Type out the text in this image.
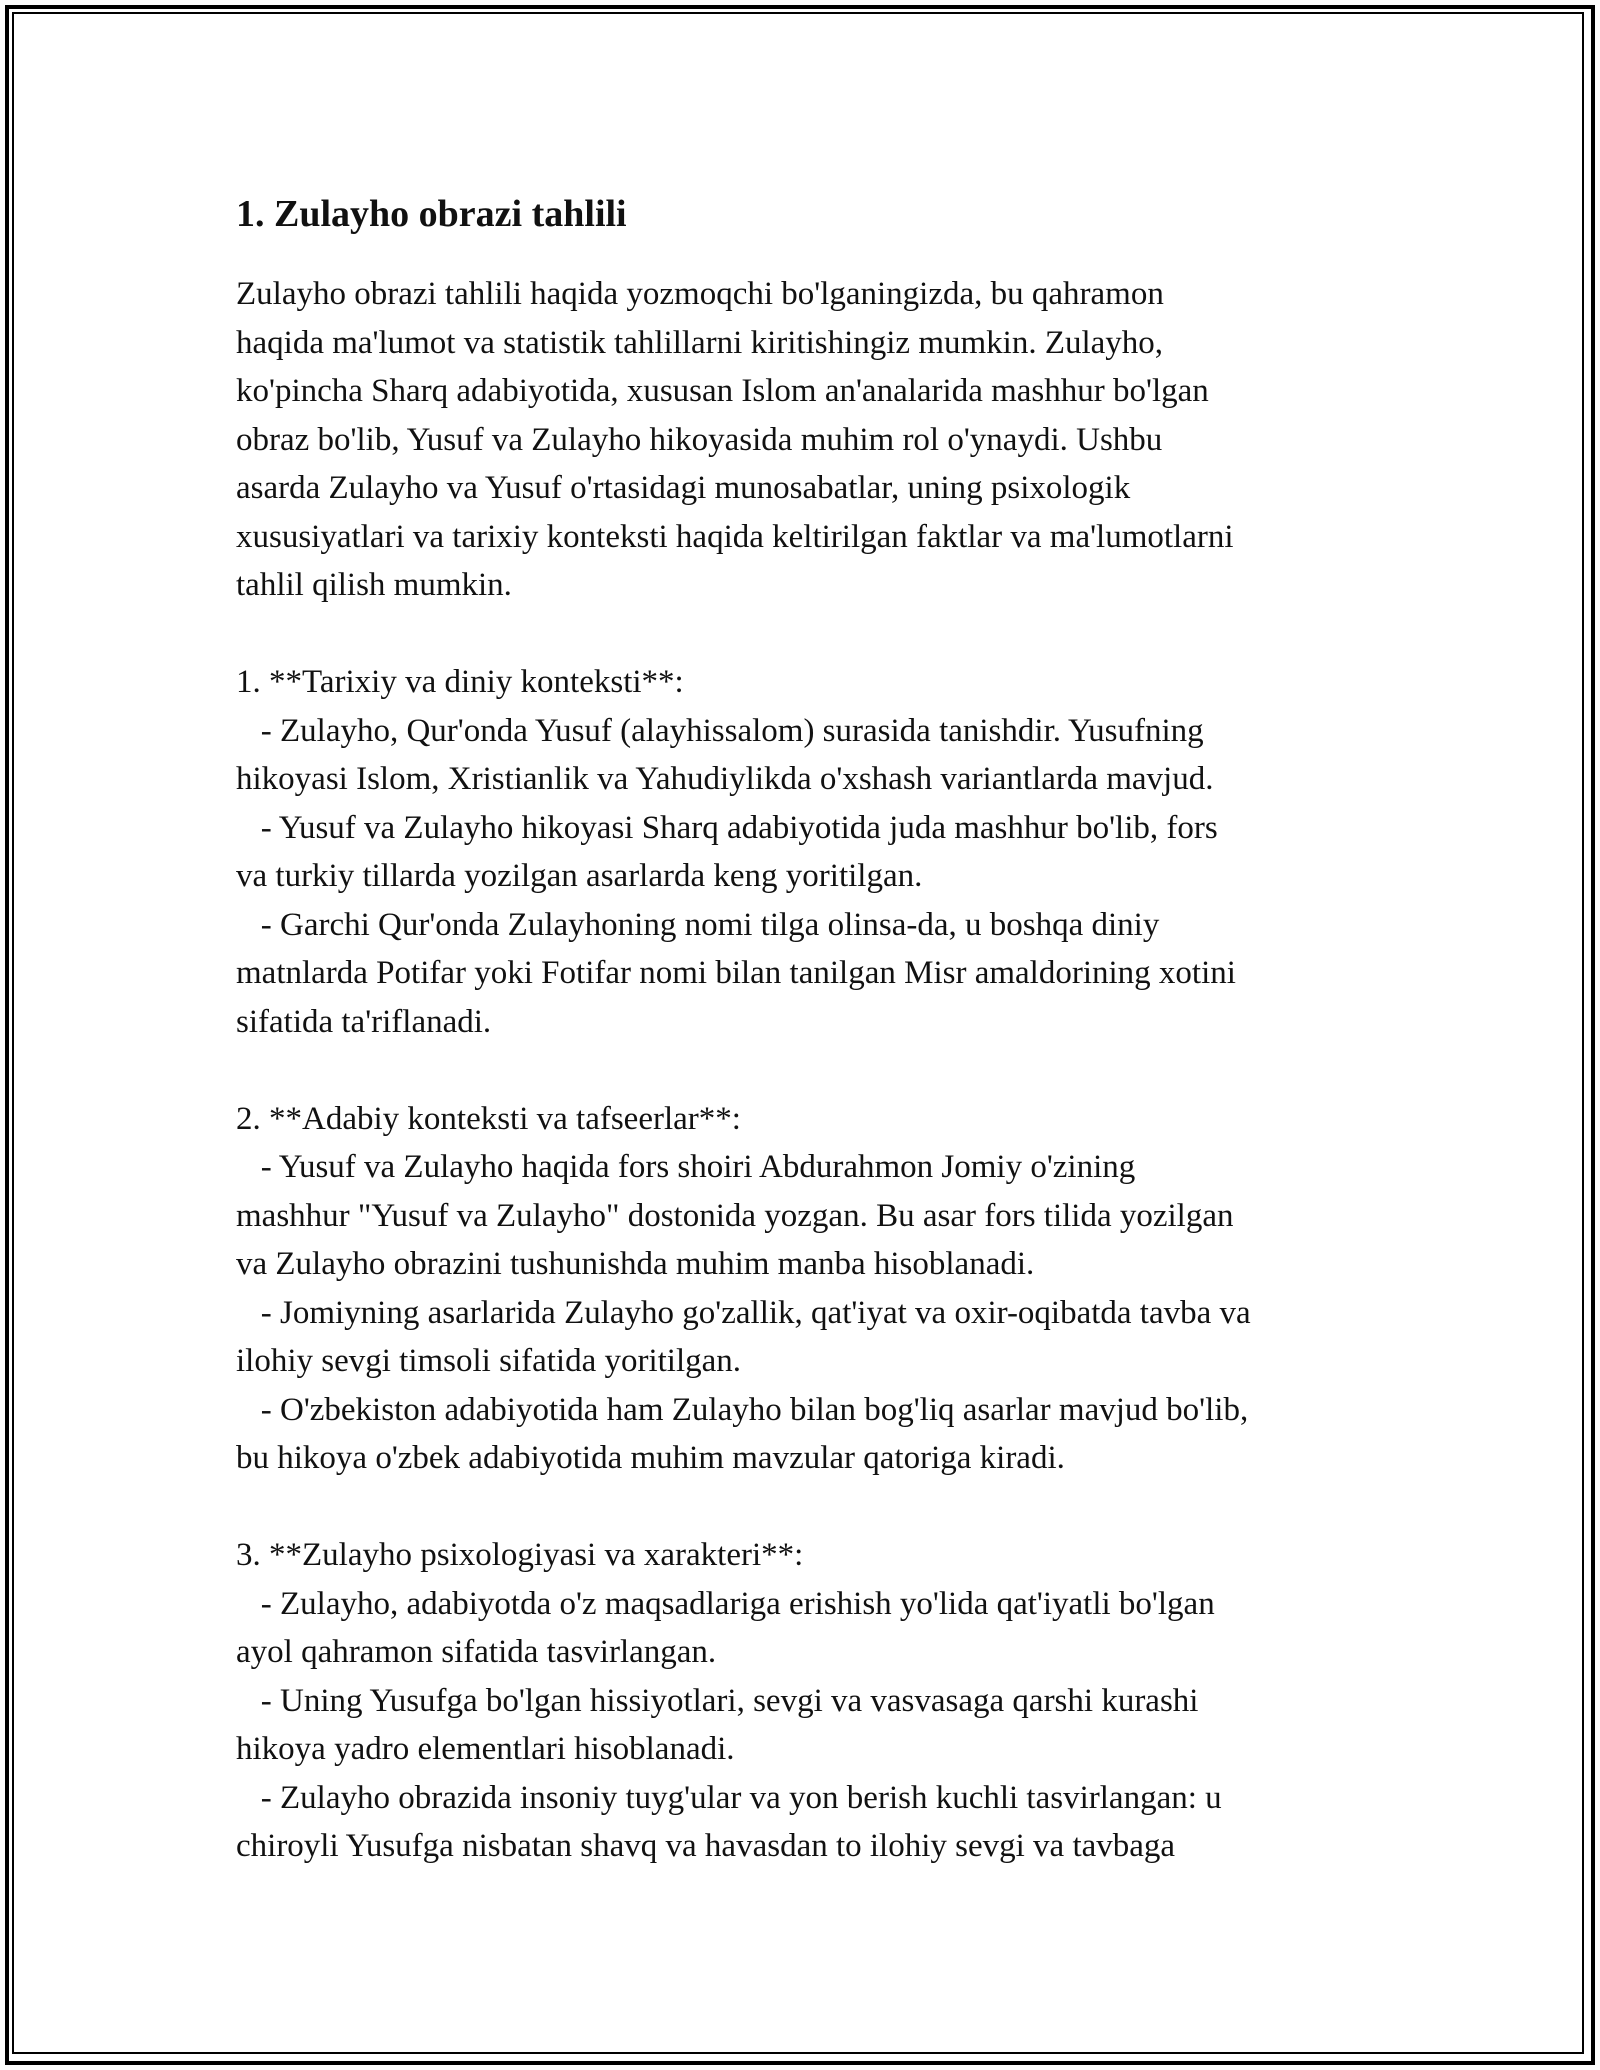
1. Zulayho obrazi tahlili
Zulayho obrazi tahlili haqida yozmoqchi bo'lganingizda, bu qahramon
haqida ma'lumot va statistik tahlillarni kiritishingiz mumkin. Zulayho,
ko'pincha Sharq adabiyotida, xususan Islom an'analarida mashhur bo'lgan
obraz bo'lib, Yusuf va Zulayho hikoyasida muhim rol o'ynaydi. Ushbu
asarda Zulayho va Yusuf o'rtasidagi munosabatlar, uning psixologik
xususiyatlari va tarixiy konteksti haqida keltirilgan faktlar va ma'lumotlarni
tahlil qilish mumkin.
1. **Tarixiy va diniy konteksti**:
- Zulayho, Qur'onda Yusuf (alayhissalom) surasida tanishdir. Yusufning
hikoyasi Islom, Xristianlik va Yahudiylikda o'xshash variantlarda mavjud.
- Yusuf va Zulayho hikoyasi Sharq adabiyotida juda mashhur bo'lib, fors
va turkiy tillarda yozilgan asarlarda keng yoritilgan.
- Garchi Qur'onda Zulayhoning nomi tilga olinsa-da, u boshqa diniy
matnlarda Potifar yoki Fotifar nomi bilan tanilgan Misr amaldorining xotini
sifatida ta'riflanadi.
2. **Adabiy konteksti va tafseerlar**:
- Yusuf va Zulayho haqida fors shoiri Abdurahmon Jomiy o'zining
mashhur "Yusuf va Zulayho" dostonida yozgan. Bu asar fors tilida yozilgan
va Zulayho obrazini tushunishda muhim manba hisoblanadi.
- Jomiyning asarlarida Zulayho go'zallik, qat'iyat va oxir-oqibatda tavba va
ilohiy sevgi timsoli sifatida yoritilgan.
- O'zbekiston adabiyotida ham Zulayho bilan bog'liq asarlar mavjud bo'lib,
bu hikoya o'zbek adabiyotida muhim mavzular qatoriga kiradi.
3. **Zulayho psixologiyasi va xarakteri**:
- Zulayho, adabiyotda o'z maqsadlariga erishish yo'lida qat'iyatli bo'lgan
ayol qahramon sifatida tasvirlangan.
- Uning Yusufga bo'lgan hissiyotlari, sevgi va vasvasaga qarshi kurashi
hikoya yadro elementlari hisoblanadi.
- Zulayho obrazida insoniy tuyg'ular va yon berish kuchli tasvirlangan: u
chiroyli Yusufga nisbatan shavq va havasdan to ilohiy sevgi va tavbaga
